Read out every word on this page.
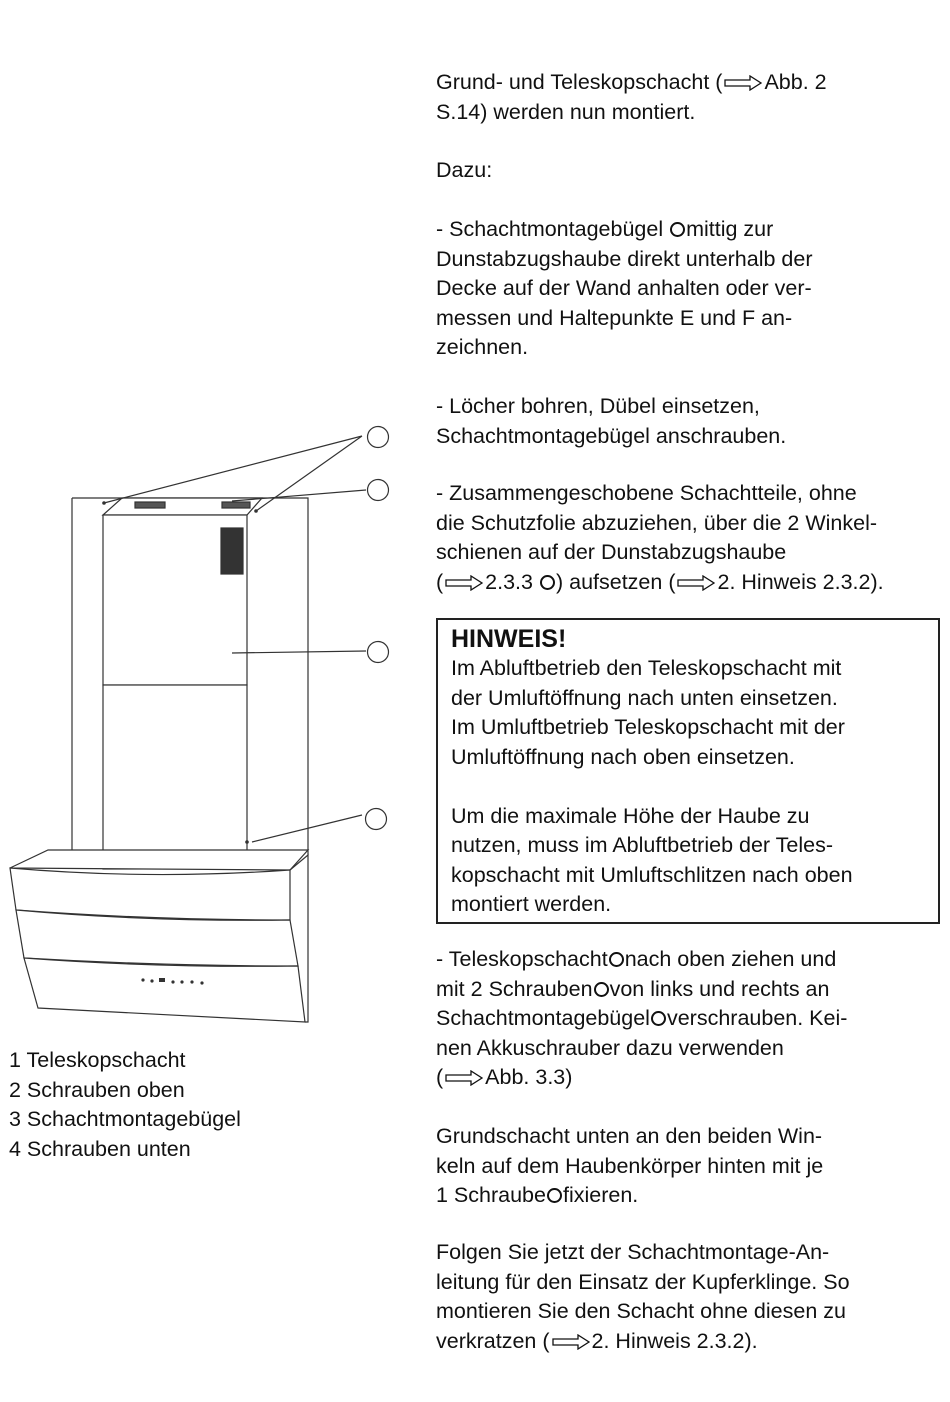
Grund- und Teleskopschacht ( Abb. 2

S.14) werden nun montiert.

Dazu:

- Schachtmontagebügel mittig zur

Dunstabzugshaube direkt unterhalb der

Decke auf der Wand anhalten oder ver-

messen und Haltepunkte E und F an-

zeichnen.

- Löcher bohren, Dübel einsetzen,

Schachtmontagebügel anschrauben.

- Zusammengeschobene Schachtteile, ohne

die Schutzfolie abzuziehen, über die 2 Winkel-

schienen auf der Dunstabzugshaube

( 2.3.3 ) aufsetzen ( 2. Hinweis 2.3.2).

HINWEIS!

Im Abluftbetrieb den Teleskopschacht mit

der Umluftöffnung nach unten einsetzen.

Im Umluftbetrieb Teleskopschacht mit der

Umluftöffnung nach oben einsetzen.

Um die maximale Höhe der Haube zu

nutzen, muss im Abluftbetrieb der Teles-

kopschacht mit Umluftschlitzen nach oben

montiert werden.

- Teleskopschacht nach oben ziehen und

mit 2 Schrauben von links und rechts an

Schachtmontagebügel verschrauben. Kei-

nen Akkuschrauber dazu verwenden

( Abb. 3.3)

Grundschacht unten an den beiden Win-

keln auf dem Haubenkörper hinten mit je

1 Schraube fixieren.

Folgen Sie jetzt der Schachtmontage-An-

leitung für den Einsatz der Kupferklinge. So

montieren Sie den Schacht ohne diesen zu

verkratzen ( 2. Hinweis 2.3.2).

1 Teleskopschacht
2 Schrauben oben
3 Schachtmontagebügel
4 Schrauben unten
